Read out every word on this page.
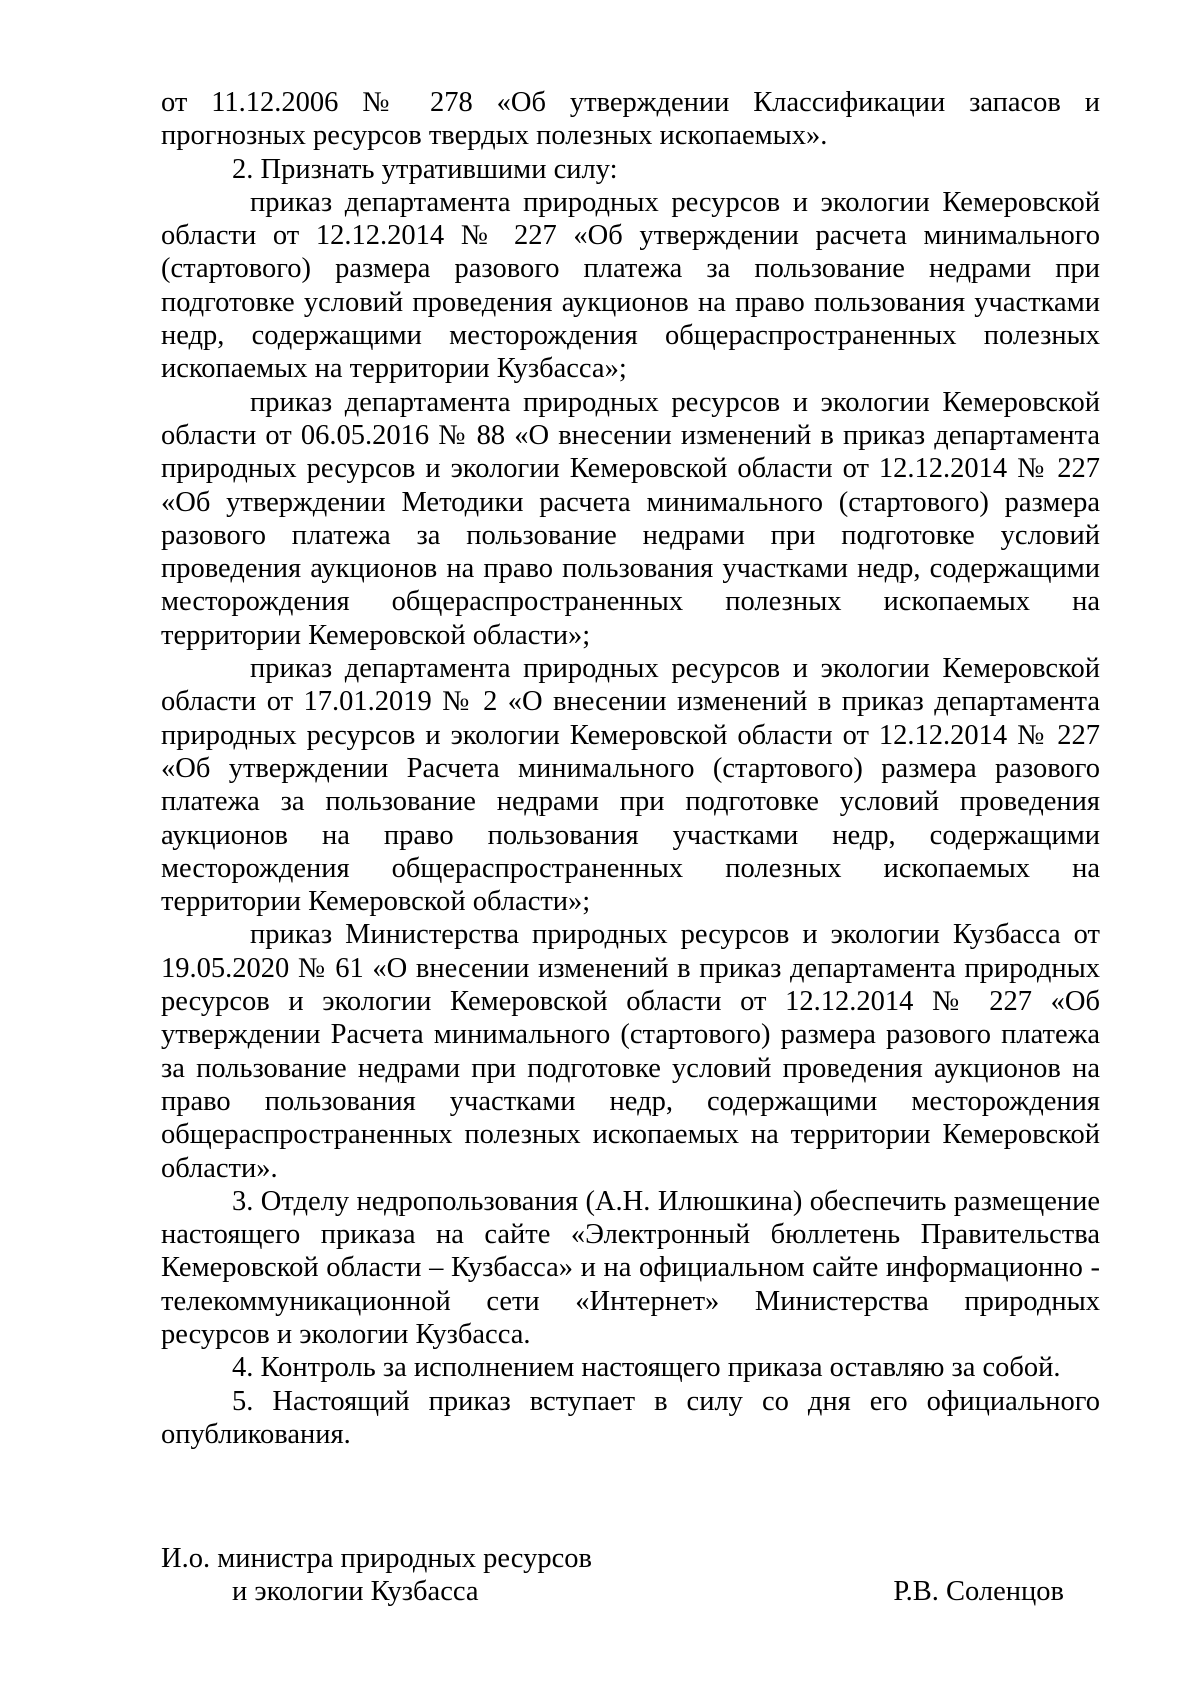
от 11.12.2006 № 278 «Об утверждении Классификации запасов и прогнозных ресурсов твердых полезных ископаемых».

2. Признать утратившими силу:

приказ департамента природных ресурсов и экологии Кемеровской области от 12.12.2014 № 227 «Об утверждении расчета минимального (стартового) размера разового платежа за пользование недрами при подготовке условий проведения аукционов на право пользования участками недр, содержащими месторождения общераспространенных полезных ископаемых на территории Кузбасса»;

приказ департамента природных ресурсов и экологии Кемеровской области от 06.05.2016 № 88 «О внесении изменений в приказ департамента природных ресурсов и экологии Кемеровской области от 12.12.2014 № 227 «Об утверждении Методики расчета минимального (стартового) размера разового платежа за пользование недрами при подготовке условий проведения аукционов на право пользования участками недр, содержащими месторождения общераспространенных полезных ископаемых на территории Кемеровской области»;

приказ департамента природных ресурсов и экологии Кемеровской области от 17.01.2019 № 2 «О внесении изменений в приказ департамента природных ресурсов и экологии Кемеровской области от 12.12.2014 № 227 «Об утверждении Расчета минимального (стартового) размера разового платежа за пользование недрами при подготовке условий проведения аукционов на право пользования участками недр, содержащими месторождения общераспространенных полезных ископаемых на территории Кемеровской области»;

приказ Министерства природных ресурсов и экологии Кузбасса от 19.05.2020 № 61 «О внесении изменений в приказ департамента природных ресурсов и экологии Кемеровской области от 12.12.2014 № 227 «Об утверждении Расчета минимального (стартового) размера разового платежа за пользование недрами при подготовке условий проведения аукционов на право пользования участками недр, содержащими месторождения общераспространенных полезных ископаемых на территории Кемеровской области».

3. Отделу недропользования (А.Н. Илюшкина) обеспечить размещение настоящего приказа на сайте «Электронный бюллетень Правительства Кемеровской области – Кузбасса» и на официальном сайте информационно - телекоммуникационной сети «Интернет» Министерства природных ресурсов и экологии Кузбасса.

4. Контроль за исполнением настоящего приказа оставляю за собой.

5. Настоящий приказ вступает в силу со дня его официального опубликования.

И.о. министра природных ресурсов

и экологии Кузбасса	Р.В. Соленцов
